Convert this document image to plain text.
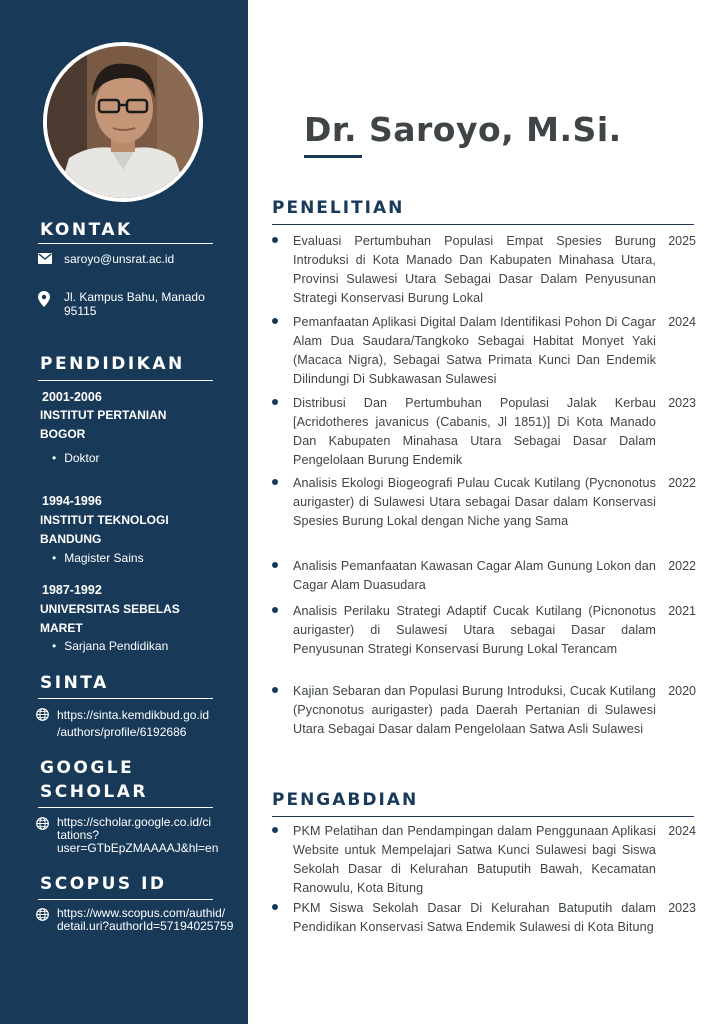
KONTAK
saroyo@unsrat.ac.id
Jl. Kampus Bahu, Manado 95115
PENDIDIKAN
2001-2006
INSTITUT PERTANIAN BOGOR
• Doktor
1994-1996
INSTITUT TEKNOLOGI BANDUNG
• Magister Sains
1987-1992
UNIVERSITAS SEBELAS MARET
• Sarjana Pendidikan
SINTA
https://sinta.kemdikbud.go.id
/authors/profile/6192686
GOOGLE SCHOLAR
https://scholar.google.co.id/ci
tations?
user=GTbEpZMAAAAJ&hl=en
SCOPUS ID
https://www.scopus.com/authid/
detail.uri?authorId=57194025759
Dr. Saroyo, M.Si.
PENELITIAN
Evaluasi Pertumbuhan Populasi Empat Spesies Burung Introduksi di Kota Manado Dan Kabupaten Minahasa Utara, Provinsi Sulawesi Utara Sebagai Dasar Dalam Penyusunan Strategi Konservasi Burung Lokal
2025
Pemanfaatan Aplikasi Digital Dalam Identifikasi Pohon Di Cagar Alam Dua Saudara/Tangkoko Sebagai Habitat Monyet Yaki (Macaca Nigra), Sebagai Satwa Primata Kunci Dan Endemik Dilindungi Di Subkawasan Sulawesi
2024
Distribusi Dan Pertumbuhan Populasi Jalak Kerbau [Acridotheres javanicus (Cabanis, Jl 1851)] Di Kota Manado Dan Kabupaten Minahasa Utara Sebagai Dasar Dalam Pengelolaan Burung Endemik
2023
Analisis Ekologi Biogeografi Pulau Cucak Kutilang (Pycnonotus aurigaster) di Sulawesi Utara sebagai Dasar dalam Konservasi Spesies Burung Lokal dengan Niche yang Sama
2022
Analisis Pemanfaatan Kawasan Cagar Alam Gunung Lokon dan Cagar Alam Duasudara
2022
Analisis Perilaku Strategi Adaptif Cucak Kutilang (Picnonotus aurigaster) di Sulawesi Utara sebagai Dasar dalam Penyusunan Strategi Konservasi Burung Lokal Terancam
2021
Kajian Sebaran dan Populasi Burung Introduksi, Cucak Kutilang (Pycnonotus aurigaster) pada Daerah Pertanian di Sulawesi Utara Sebagai Dasar dalam Pengelolaan Satwa Asli Sulawesi
2020
PENGABDIAN
PKM Pelatihan dan Pendampingan dalam Penggunaan Aplikasi Website untuk Mempelajari Satwa Kunci Sulawesi bagi Siswa Sekolah Dasar di Kelurahan Batuputih Bawah, Kecamatan Ranowulu, Kota Bitung
2024
PKM Siswa Sekolah Dasar Di Kelurahan Batuputih dalam Pendidikan Konservasi Satwa Endemik Sulawesi di Kota Bitung
2023
